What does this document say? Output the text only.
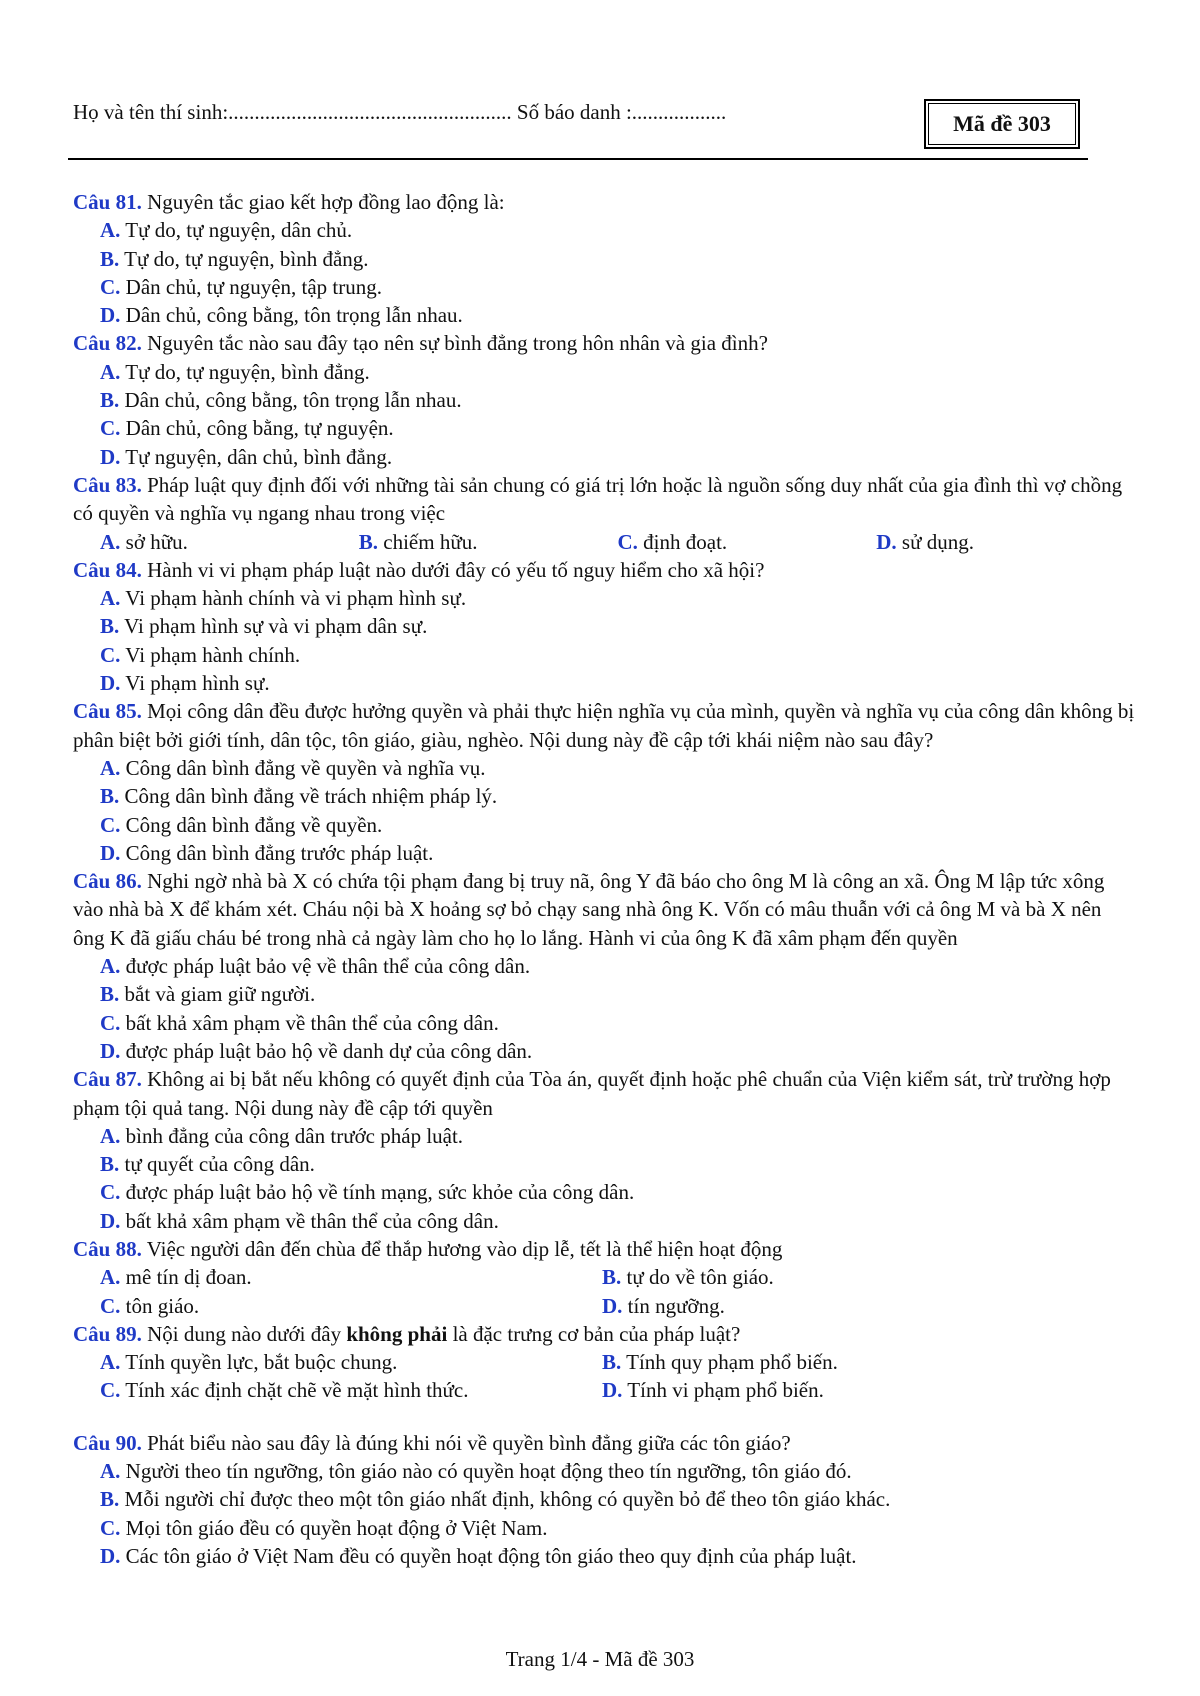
Họ và tên thí sinh:...................................................... Số báo danh :..................	Mã đề 303
Câu 81. Nguyên tắc giao kết hợp đồng lao động là:
A. Tự do, tự nguyện, dân chủ.
B. Tự do, tự nguyện, bình đẳng.
C. Dân chủ, tự nguyện, tập trung.
D. Dân chủ, công bằng, tôn trọng lẫn nhau.
Câu 82. Nguyên tắc nào sau đây tạo nên sự bình đẳng trong hôn nhân và gia đình?
A. Tự do, tự nguyện, bình đẳng.
B. Dân chủ, công bằng, tôn trọng lẫn nhau.
C. Dân chủ, công bằng, tự nguyện.
D. Tự nguyện, dân chủ, bình đẳng.
Câu 83. Pháp luật quy định đối với những tài sản chung có giá trị lớn hoặc là nguồn sống duy nhất của gia đình thì vợ chồng có quyền và nghĩa vụ ngang nhau trong việc
A. sở hữu.	B. chiếm hữu.	C. định đoạt.	D. sử dụng.
Câu 84. Hành vi vi phạm pháp luật nào dưới đây có yếu tố nguy hiểm cho xã hội?
A. Vi phạm hành chính và vi phạm hình sự.
B. Vi phạm hình sự và vi phạm dân sự.
C. Vi phạm hành chính.
D. Vi phạm hình sự.
Câu 85. Mọi công dân đều được hưởng quyền và phải thực hiện nghĩa vụ của mình, quyền và nghĩa vụ của công dân không bị phân biệt bởi giới tính, dân tộc, tôn giáo, giàu, nghèo. Nội dung này đề cập tới khái niệm nào sau đây?
A. Công dân bình đẳng về quyền và nghĩa vụ.
B. Công dân bình đẳng về trách nhiệm pháp lý.
C. Công dân bình đẳng về quyền.
D. Công dân bình đẳng trước pháp luật.
Câu 86. Nghi ngờ nhà bà X có chứa tội phạm đang bị truy nã, ông Y đã báo cho ông M là công an xã. Ông M lập tức xông vào nhà bà X để khám xét. Cháu nội bà X hoảng sợ bỏ chạy sang nhà ông K. Vốn có mâu thuẫn với cả ông M và bà X nên ông K đã giấu cháu bé trong nhà cả ngày làm cho họ lo lắng. Hành vi của ông K đã xâm phạm đến quyền
A. được pháp luật bảo vệ về thân thể của công dân.
B. bắt và giam giữ người.
C. bất khả xâm phạm về thân thể của công dân.
D. được pháp luật bảo hộ về danh dự của công dân.
Câu 87. Không ai bị bắt nếu không có quyết định của Tòa án, quyết định hoặc phê chuẩn của Viện kiểm sát, trừ trường hợp phạm tội quả tang. Nội dung này đề cập tới quyền
A. bình đẳng của công dân trước pháp luật.
B. tự quyết của công dân.
C. được pháp luật bảo hộ về tính mạng, sức khỏe của công dân.
D. bất khả xâm phạm về thân thể của công dân.
Câu 88. Việc người dân đến chùa để thắp hương vào dịp lễ, tết là thể hiện hoạt động
A. mê tín dị đoan.	B. tự do về tôn giáo.
C. tôn giáo.	D. tín ngưỡng.
Câu 89. Nội dung nào dưới đây không phải là đặc trưng cơ bản của pháp luật?
A. Tính quyền lực, bắt buộc chung.	B. Tính quy phạm phổ biến.
C. Tính xác định chặt chẽ về mặt hình thức.	D. Tính vi phạm phổ biến.
Câu 90. Phát biểu nào sau đây là đúng khi nói về quyền bình đẳng giữa các tôn giáo?
A. Người theo tín ngưỡng, tôn giáo nào có quyền hoạt động theo tín ngưỡng, tôn giáo đó.
B. Mỗi người chỉ được theo một tôn giáo nhất định, không có quyền bỏ để theo tôn giáo khác.
C. Mọi tôn giáo đều có quyền hoạt động ở Việt Nam.
D. Các tôn giáo ở Việt Nam đều có quyền hoạt động tôn giáo theo quy định của pháp luật.
Trang 1/4 - Mã đề 303
